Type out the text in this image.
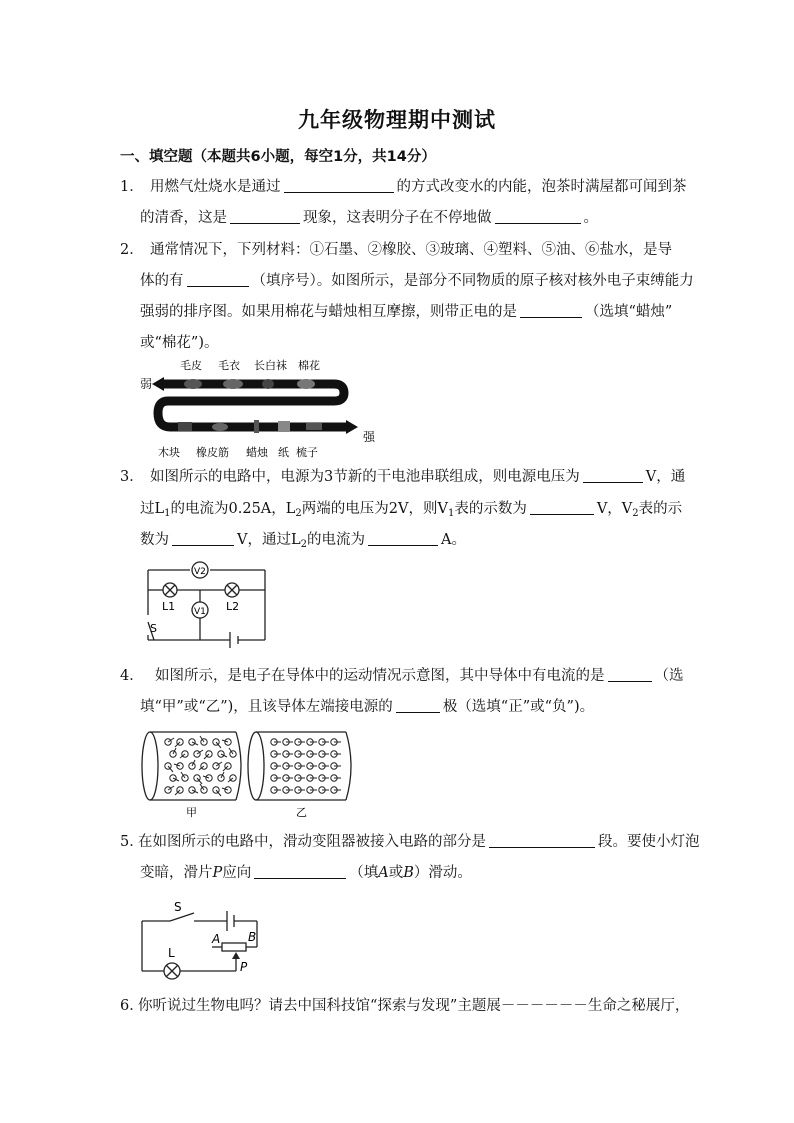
九年级物理期中测试
一、填空题（本题共6小题，每空1分，共14分）
1． 用燃气灶烧水是通过	的方式改变水的内能，泡茶时满屋都可闻到茶
的清香，这是	现象，这表明分子在不停地做	。
2． 通常情况下，下列材料：①石墨、②橡胶、③玻璃、④塑料、⑤油、⑥盐水，是导
体的有	（填序号）。如图所示，是部分不同物质的原子核对核外电子束缚能力
强弱的排序图。如果用棉花与蜡烛相互摩擦，则带正电的是	（选填“蜡烛”
或“棉花”)。
毛皮 毛衣 长白袜 棉花
弱
强
木块 橡皮筋 蜡烛 纸 梳子
3． 如图所示的电路中，电源为3节新的干电池串联组成，则电源电压为	V，通
过$L_1$的电流为0.25A，$L_2$两端的电压为2V，则$V_1$表的示数为	V，$V_2$表的示
数为	V，通过$L_2$的电流为	A。
V2
V1
L1	L2
S
4． 如图所示，是电子在导体中的运动情况示意图，其中导体中有电流的是	（选
填“甲”或“乙”)，且该导体左端接电源的	极（选填“正”或“负”)。
甲	乙
5．
在如图所示的电路中，滑动变阻器被接入电路的部分是	段。要使小灯泡
变暗，滑片P应向	（填A或B）滑动。
S
L
A B
P
6．
你听说过生物电吗？请去中国科技馆“探索与发现”主题展－－－－－－生命之秘展厅，
